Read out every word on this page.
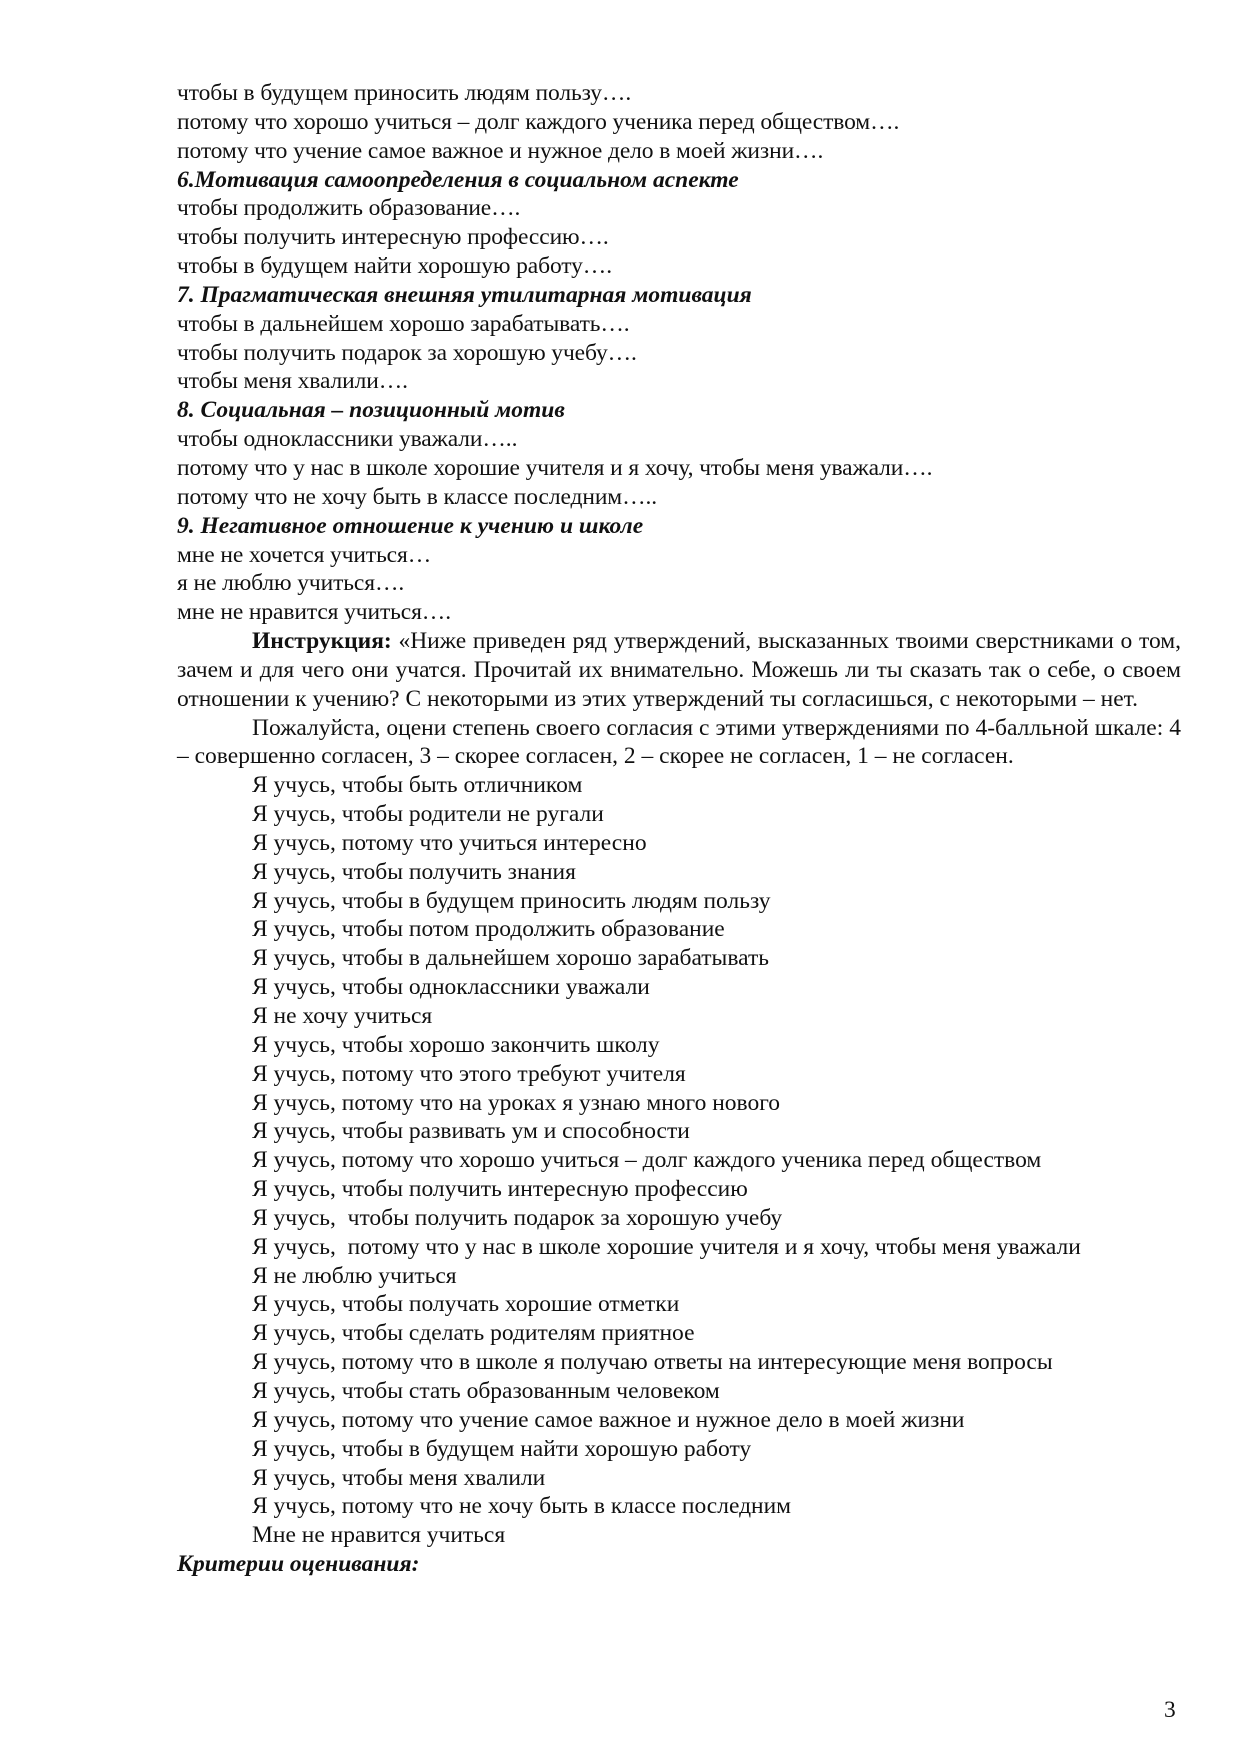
чтобы в будущем приносить людям пользу….
потому что хорошо учиться – долг каждого ученика перед обществом….
потому что учение самое важное и нужное дело в моей жизни….
6.Мотивация самоопределения в социальном аспекте
чтобы продолжить образование….
чтобы получить интересную профессию….
чтобы в будущем найти хорошую работу….
7. Прагматическая внешняя утилитарная мотивация
чтобы в дальнейшем хорошо зарабатывать….
чтобы получить подарок за хорошую учебу….
чтобы меня хвалили….
8. Социальная – позиционный мотив
чтобы одноклассники уважали…..
потому что у нас в школе хорошие учителя и я хочу, чтобы меня уважали….
потому что не хочу быть в классе последним…..
9. Негативное отношение к учению и школе
мне не хочется учиться…
я не люблю учиться….
мне не нравится учиться….
Инструкция: «Ниже приведен ряд утверждений, высказанных твоими сверстниками о том, зачем и для чего они учатся. Прочитай их внимательно. Можешь ли ты сказать так о себе, о своем отношении к учению? С некоторыми из этих утверждений ты согласишься, с некоторыми – нет.
Пожалуйста, оцени степень своего согласия с этими утверждениями по 4-балльной шкале: 4 – совершенно согласен, 3 – скорее согласен, 2 – скорее не согласен, 1 – не согласен.
Я учусь, чтобы быть отличником
Я учусь, чтобы родители не ругали
Я учусь, потому что учиться интересно
Я учусь, чтобы получить знания
Я учусь, чтобы в будущем приносить людям пользу
Я учусь, чтобы потом продолжить образование
Я учусь, чтобы в дальнейшем хорошо зарабатывать
Я учусь, чтобы одноклассники уважали
Я не хочу учиться
Я учусь, чтобы хорошо закончить школу
Я учусь, потому что этого требуют учителя
Я учусь, потому что на уроках я узнаю много нового
Я учусь, чтобы развивать ум и способности
Я учусь, потому что хорошо учиться – долг каждого ученика перед обществом
Я учусь, чтобы получить интересную профессию
Я учусь,  чтобы получить подарок за хорошую учебу
Я учусь,  потому что у нас в школе хорошие учителя и я хочу, чтобы меня уважали
Я не люблю учиться
Я учусь, чтобы получать хорошие отметки
Я учусь, чтобы сделать родителям приятное
Я учусь, потому что в школе я получаю ответы на интересующие меня вопросы
Я учусь, чтобы стать образованным человеком
Я учусь, потому что учение самое важное и нужное дело в моей жизни
Я учусь, чтобы в будущем найти хорошую работу
Я учусь, чтобы меня хвалили
Я учусь, потому что не хочу быть в классе последним
Мне не нравится учиться
Критерии оценивания:
3
